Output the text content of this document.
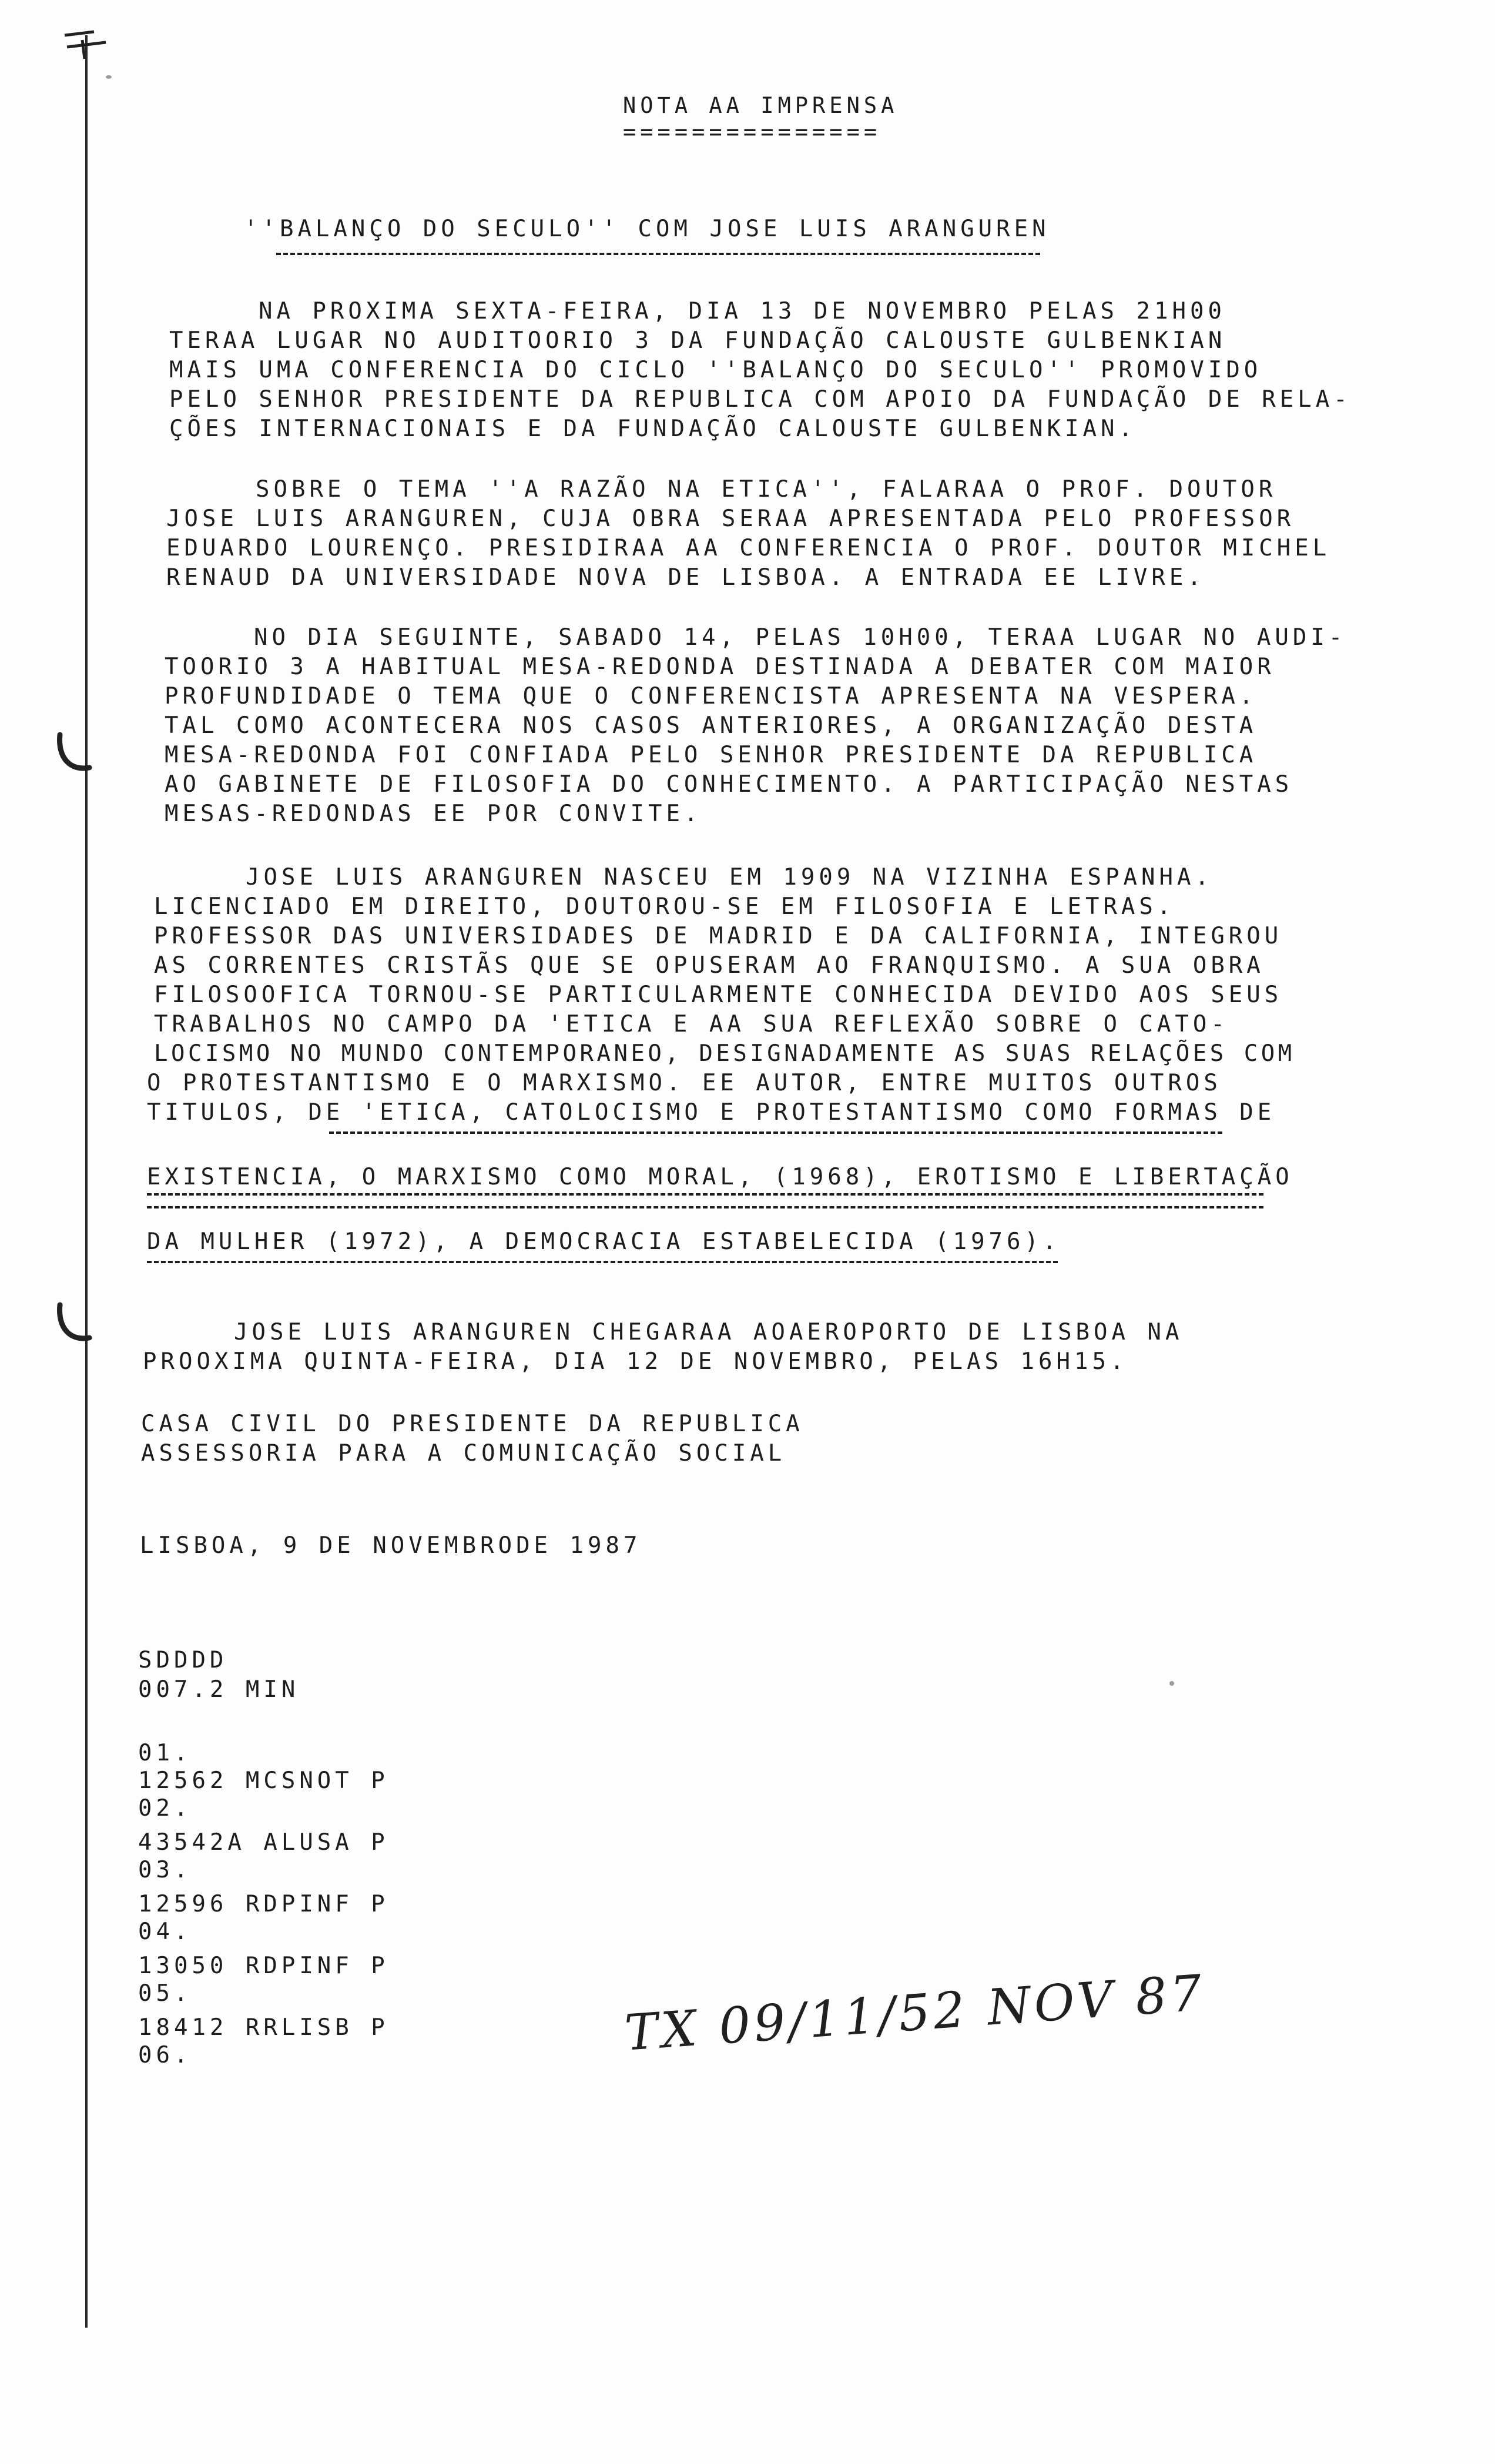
NOTA AA IMPRENSA
===============
''BALANÇO DO SECULO'' COM JOSE LUIS ARANGUREN
NA PROXIMA SEXTA-FEIRA, DIA 13 DE NOVEMBRO PELAS 21H00
TERAA LUGAR NO AUDITOORIO 3 DA FUNDAÇÃO CALOUSTE GULBENKIAN
MAIS UMA CONFERENCIA DO CICLO ''BALANÇO DO SECULO'' PROMOVIDO
PELO SENHOR PRESIDENTE DA REPUBLICA COM APOIO DA FUNDAÇÃO DE RELA-
ÇÕES INTERNACIONAIS E DA FUNDAÇÃO CALOUSTE GULBENKIAN.
SOBRE O TEMA ''A RAZÃO NA ETICA'', FALARAA O PROF. DOUTOR
JOSE LUIS ARANGUREN, CUJA OBRA SERAA APRESENTADA PELO PROFESSOR
EDUARDO LOURENÇO. PRESIDIRAA AA CONFERENCIA O PROF. DOUTOR MICHEL
RENAUD DA UNIVERSIDADE NOVA DE LISBOA. A ENTRADA EE LIVRE.
NO DIA SEGUINTE, SABADO 14, PELAS 10H00, TERAA LUGAR NO AUDI-
TOORIO 3 A HABITUAL MESA-REDONDA DESTINADA A DEBATER COM MAIOR
PROFUNDIDADE O TEMA QUE O CONFERENCISTA APRESENTA NA VESPERA.
TAL COMO ACONTECERA NOS CASOS ANTERIORES, A ORGANIZAÇÃO DESTA
MESA-REDONDA FOI CONFIADA PELO SENHOR PRESIDENTE DA REPUBLICA
AO GABINETE DE FILOSOFIA DO CONHECIMENTO. A PARTICIPAÇÃO NESTAS
MESAS-REDONDAS EE POR CONVITE.
JOSE LUIS ARANGUREN NASCEU EM 1909 NA VIZINHA ESPANHA.
LICENCIADO EM DIREITO, DOUTOROU-SE EM FILOSOFIA E LETRAS.
PROFESSOR DAS UNIVERSIDADES DE MADRID E DA CALIFORNIA, INTEGROU
AS CORRENTES CRISTÃS QUE SE OPUSERAM AO FRANQUISMO. A SUA OBRA
FILOSOOFICA TORNOU-SE PARTICULARMENTE CONHECIDA DEVIDO AOS SEUS
TRABALHOS NO CAMPO DA 'ETICA E AA SUA REFLEXÃO SOBRE O CATO-
LOCISMO NO MUNDO CONTEMPORANEO, DESIGNADAMENTE AS SUAS RELAÇÕES COM
O PROTESTANTISMO E O MARXISMO. EE AUTOR, ENTRE MUITOS OUTROS
TITULOS, DE 'ETICA, CATOLOCISMO E PROTESTANTISMO COMO FORMAS DE
EXISTENCIA, O MARXISMO COMO MORAL, (1968), EROTISMO E LIBERTAÇÃO
DA MULHER (1972), A DEMOCRACIA ESTABELECIDA (1976).
JOSE LUIS ARANGUREN CHEGARAA AOAEROPORTO DE LISBOA NA
PROOXIMA QUINTA-FEIRA, DIA 12 DE NOVEMBRO, PELAS 16H15.
CASA CIVIL DO PRESIDENTE DA REPUBLICA
ASSESSORIA PARA A COMUNICAÇÃO SOCIAL
LISBOA, 9 DE NOVEMBRODE 1987
SDDDD
007.2 MIN
01.
12562 MCSNOT P
02.
43542A ALUSA P
03.
12596 RDPINF P
04.
13050 RDPINF P
05.
18412 RRLISB P
06.	TX 09/11/52 NOV 87
